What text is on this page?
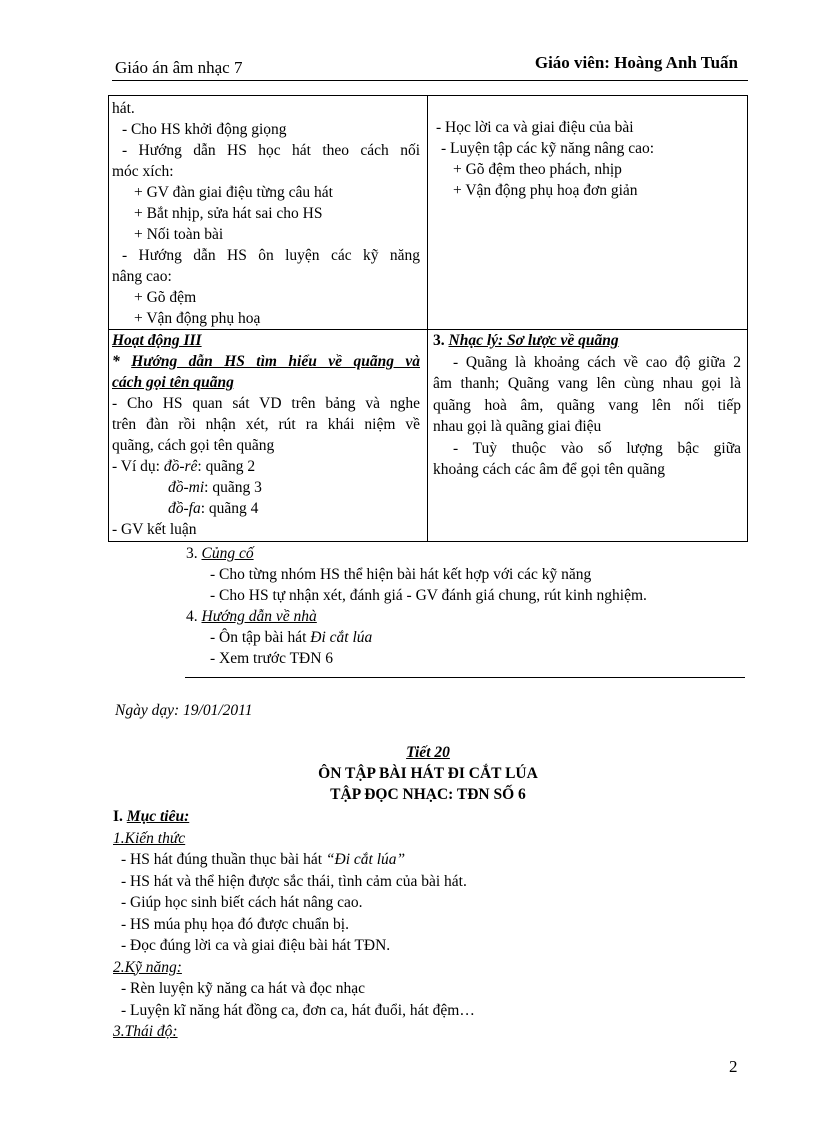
Giáo án âm nhạc 7	Giáo viên: Hoàng Anh Tuấn
hát.
- Cho HS khởi động giọng
- Hướng dẫn HS học hát theo cách nối
móc xích:
+ GV đàn giai điệu từng câu hát
+ Bắt nhịp, sửa hát sai cho HS
+ Nối toàn bài
- Hướng dẫn HS ôn luyện các kỹ năng
nâng cao:
+ Gõ đệm
+ Vận động phụ hoạ
- Học lời ca và giai điệu của bài
- Luyện tập các kỹ năng nâng cao:
+ Gõ đệm theo phách, nhịp
+ Vận động phụ hoạ đơn giản
Hoạt động III
* Hướng dẫn HS tìm hiểu về quãng và
cách gọi tên quãng
- Cho HS quan sát VD trên bảng và nghe
trên đàn rồi nhận xét, rút ra khái niệm về
quãng, cách gọi tên quãng
- Ví dụ: đồ-rê: quãng 2
đồ-mi: quãng 3
đồ-fa: quãng 4
- GV kết luận
3. Nhạc lý: Sơ lược về quãng
- Quãng là khoảng cách về cao độ giữa 2
âm thanh; Quãng vang lên cùng nhau gọi là
quãng hoà âm, quãng vang lên nối tiếp
nhau gọi là quãng giai điệu
- Tuỳ thuộc vào số lượng bậc giữa
khoảng cách các âm để gọi tên quãng
3. Củng cố
- Cho từng nhóm HS thể hiện bài hát kết hợp với các kỹ năng
- Cho HS tự nhận xét, đánh giá - GV đánh giá chung, rút kinh nghiệm.
4. Hướng dẫn về nhà
- Ôn tập bài hát Đi cắt lúa
- Xem trước TĐN 6
Ngày dạy: 19/01/2011
Tiết 20
ÔN TẬP BÀI HÁT ĐI CẮT LÚA
TẬP ĐỌC NHẠC: TĐN SỐ 6
I. Mục tiêu:
1.Kiến thức
- HS hát đúng thuần thục bài hát “Đi cắt lúa”
- HS hát và thể hiện được sắc thái, tình cảm của bài hát.
- Giúp học sinh biết cách hát nâng cao.
- HS múa phụ họa đó được chuẩn bị.
- Đọc đúng lời ca và giai điệu bài hát TĐN.
2.Kỹ năng:
- Rèn luyện kỹ năng ca hát và đọc nhạc
- Luyện kĩ năng hát đồng ca, đơn ca, hát đuổi, hát đệm…
3.Thái độ:
2
